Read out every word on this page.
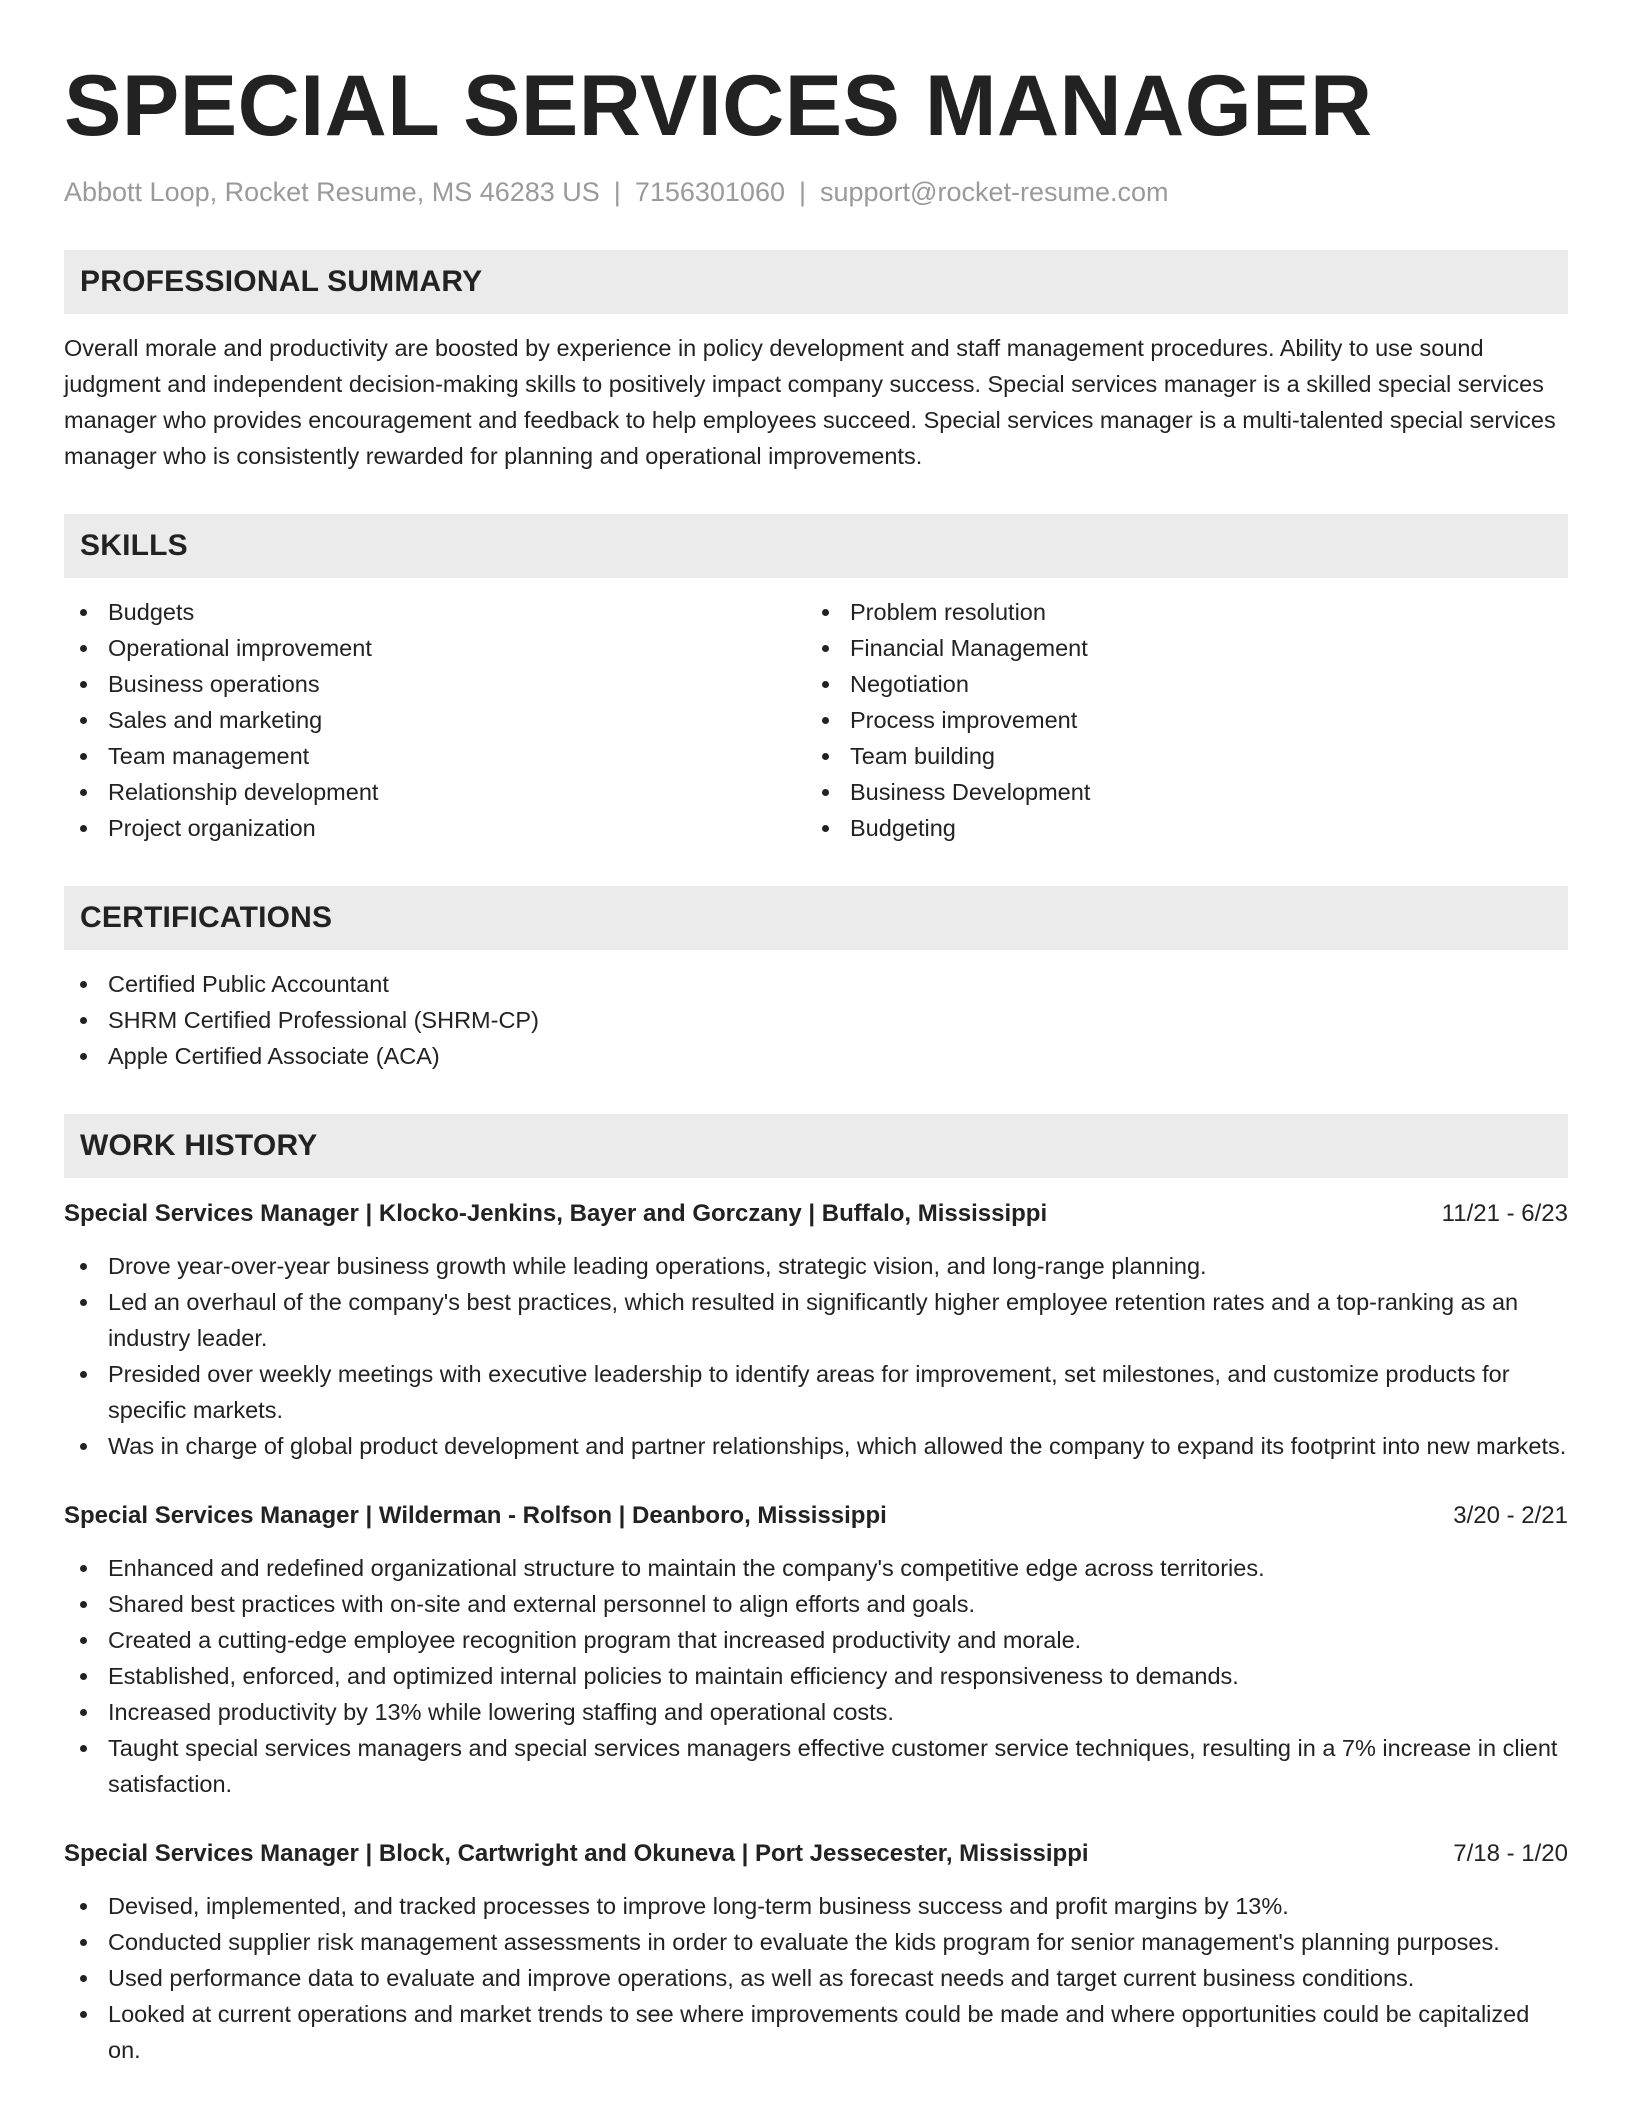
SPECIAL SERVICES MANAGER
Abbott Loop, Rocket Resume, MS 46283 US | 7156301060 | support@rocket-resume.com
PROFESSIONAL SUMMARY

Overall morale and productivity are boosted by experience in policy development and staff management procedures. Ability to use sound judgment and independent decision-making skills to positively impact company success. Special services manager is a skilled special services manager who provides encouragement and feedback to help employees succeed. Special services manager is a multi-talented special services manager who is consistently rewarded for planning and operational improvements.

SKILLS
Budgets
Operational improvement
Business operations
Sales and marketing
Team management
Relationship development
Project organization
Problem resolution
Financial Management
Negotiation
Process improvement
Team building
Business Development
Budgeting
CERTIFICATIONS
Certified Public Accountant
SHRM Certified Professional (SHRM-CP)
Apple Certified Associate (ACA)
WORK HISTORY
Special Services Manager | Klocko-Jenkins, Bayer and Gorczany | Buffalo, Mississippi	11/21 - 6/23
Drove year-over-year business growth while leading operations, strategic vision, and long-range planning.
Led an overhaul of the company's best practices, which resulted in significantly higher employee retention rates and a top-ranking as an industry leader.
Presided over weekly meetings with executive leadership to identify areas for improvement, set milestones, and customize products for specific markets.
Was in charge of global product development and partner relationships, which allowed the company to expand its footprint into new markets.
Special Services Manager | Wilderman - Rolfson | Deanboro, Mississippi	3/20 - 2/21
Enhanced and redefined organizational structure to maintain the company's competitive edge across territories.
Shared best practices with on-site and external personnel to align efforts and goals.
Created a cutting-edge employee recognition program that increased productivity and morale.
Established, enforced, and optimized internal policies to maintain efficiency and responsiveness to demands.
Increased productivity by 13% while lowering staffing and operational costs.
Taught special services managers and special services managers effective customer service techniques, resulting in a 7% increase in client satisfaction.
Special Services Manager | Block, Cartwright and Okuneva | Port Jessecester, Mississippi	7/18 - 1/20
Devised, implemented, and tracked processes to improve long-term business success and profit margins by 13%.
Conducted supplier risk management assessments in order to evaluate the kids program for senior management's planning purposes.
Used performance data to evaluate and improve operations, as well as forecast needs and target current business conditions.
Looked at current operations and market trends to see where improvements could be made and where opportunities could be capitalized on.
